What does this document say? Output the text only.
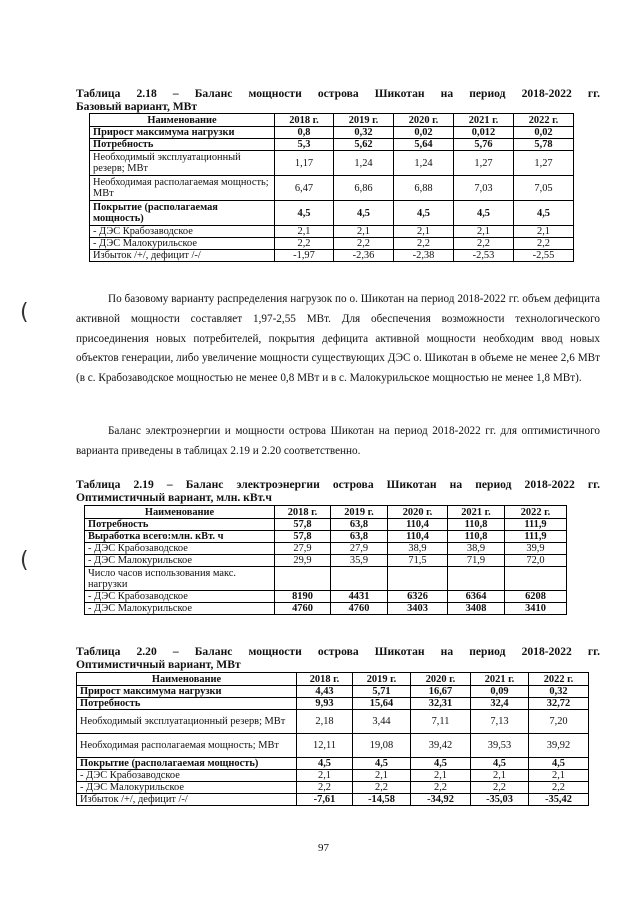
(
(
Таблица 2.18 – Баланс мощности острова Шикотан на период 2018-2022 гг.
Базовый вариант, МВт
Наименование	2018 г.	2019 г.	2020 г.	2021 г.	2022 г.
Прирост максимума нагрузки	0,8	0,32	0,02	0,012	0,02
Потребность	5,3	5,62	5,64	5,76	5,78
Необходимый эксплуатационный резерв; МВт	1,17	1,24	1,24	1,27	1,27
Необходимая располагаемая мощность; МВт	6,47	6,86	6,88	7,03	7,05
Покрытие (располагаемая мощность)	4,5	4,5	4,5	4,5	4,5
- ДЭС Крабозаводское	2,1	2,1	2,1	2,1	2,1
- ДЭС Малокурильское	2,2	2,2	2,2	2,2	2,2
Избыток /+/, дефицит /-/	-1,97	-2,36	-2,38	-2,53	-2,55
По базовому варианту распределения нагрузок по о. Шикотан на период 2018-2022 гг. объем дефицита активной мощности составляет 1,97-2,55 МВт. Для обеспечения возможности технологического присоединения новых потребителей, покрытия дефицита активной мощности необходим ввод новых объектов генерации, либо увеличение мощности существующих ДЭС о. Шикотан в объеме не менее 2,6 МВт (в с. Крабозаводское мощностью не менее 0,8 МВт и в с. Малокурильское мощностью не менее 1,8 МВт).
Баланс электроэнергии и мощности острова Шикотан на период 2018-2022 гг. для оптимистичного варианта приведены в таблицах 2.19 и 2.20 соответственно.
Таблица 2.19 – Баланс электроэнергии острова Шикотан на период 2018-2022 гг.
Оптимистичный вариант, млн. кВт.ч
Наименование	2018 г.	2019 г.	2020 г.	2021 г.	2022 г.
Потребность	57,8	63,8	110,4	110,8	111,9
Выработка всего:млн. кВт. ч	57,8	63,8	110,4	110,8	111,9
- ДЭС Крабозаводское	27,9	27,9	38,9	38,9	39,9
- ДЭС Малокурильское	29,9	35,9	71,5	71,9	72,0
Число часов использования макс. нагрузки					
- ДЭС Крабозаводское	8190	4431	6326	6364	6208
- ДЭС Малокурильское	4760	4760	3403	3408	3410
Таблица 2.20 – Баланс мощности острова Шикотан на период 2018-2022 гг.
Оптимистичный вариант, МВт
Наименование	2018 г.	2019 г.	2020 г.	2021 г.	2022 г.
Прирост максимума нагрузки	4,43	5,71	16,67	0,09	0,32
Потребность	9,93	15,64	32,31	32,4	32,72
Необходимый эксплуатационный резерв; МВт	2,18	3,44	7,11	7,13	7,20
Необходимая располагаемая мощность; МВт	12,11	19,08	39,42	39,53	39,92
Покрытие (располагаемая мощность)	4,5	4,5	4,5	4,5	4,5
- ДЭС Крабозаводское	2,1	2,1	2,1	2,1	2,1
- ДЭС Малокурильское	2,2	2,2	2,2	2,2	2,2
Избыток /+/, дефицит /-/	-7,61	-14,58	-34,92	-35,03	-35,42
97
